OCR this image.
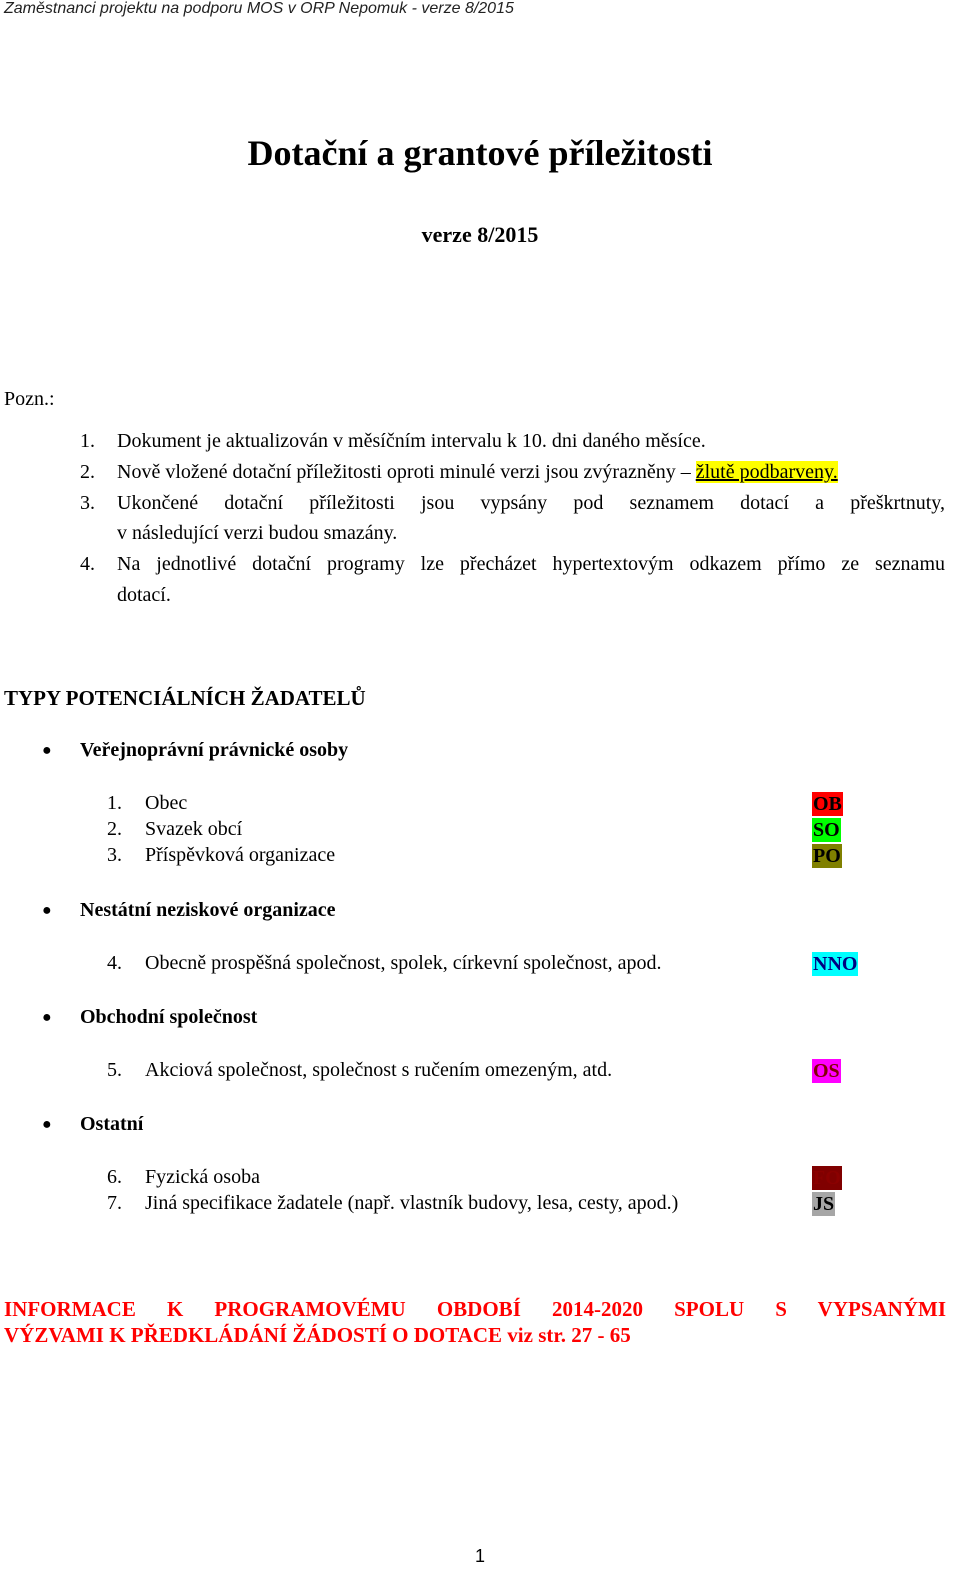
Zaměstnanci projektu na podporu MOS v ORP Nepomuk - verze 8/2015
Dotační a grantové příležitosti
verze 8/2015
Pozn.:
1. Dokument je aktualizován v měsíčním intervalu k 10. dni daného měsíce.
2. Nově vložené dotační příležitosti oproti minulé verzi jsou zvýrazněny – žlutě podbarveny.
3. Ukončené dotační příležitosti jsou vypsány pod seznamem dotací a přeškrtnuty,
v následující verzi budou smazány.
4. Na jednotlivé dotační programy lze přecházet hypertextovým odkazem přímo ze seznamu
dotací.
TYPY POTENCIÁLNÍCH ŽADATELŮ
● Veřejnoprávní právnické osoby
1. Obec	OB
2. Svazek obcí	SO
3. Příspěvková organizace	PO
● Nestátní neziskové organizace
4. Obecně prospěšná společnost, spolek, církevní společnost, apod.	NNO
● Obchodní společnost
5. Akciová společnost, společnost s ručením omezeným, atd.	OS
● Ostatní
6. Fyzická osoba	FO
7. Jiná specifikace žadatele (např. vlastník budovy, lesa, cesty, apod.)	JS
INFORMACE K PROGRAMOVÉMU OBDOBÍ 2014-2020 SPOLU S VYPSANÝMI
VÝZVAMI K PŘEDKLÁDÁNÍ ŽÁDOSTÍ O DOTACE viz str. 27 - 65
1
